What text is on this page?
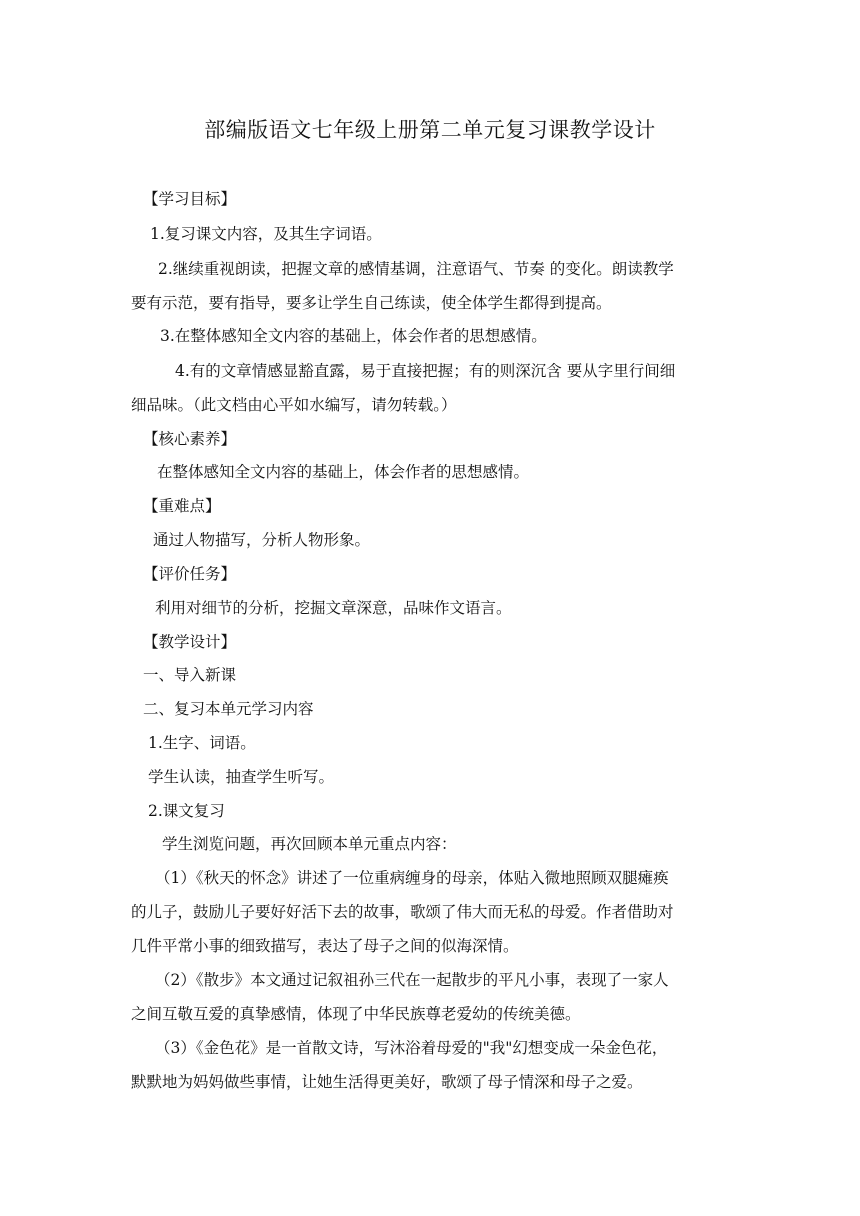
部编版语文七年级上册第二单元复习课教学设计
【学习目标】
1.复习课文内容，及其生字词语。
2.继续重视朗读，把握文章的感情基调，注意语气、节奏 的变化。朗读教学
要有示范，要有指导，要多让学生自己练读，使全体学生都得到提高。
3.在整体感知全文内容的基础上，体会作者的思想感情。
4.有的文章情感显豁直露，易于直接把握；有的则深沉含 要从字里行间细
细品味。（此文档由心平如水编写，请勿转载。）
【核心素养】
在整体感知全文内容的基础上，体会作者的思想感情。
【重难点】
通过人物描写，分析人物形象。
【评价任务】
利用对细节的分析，挖掘文章深意，品味作文语言。
【教学设计】
一、导入新课
二、复习本单元学习内容
1.生字、词语。
学生认读，抽查学生听写。
2.课文复习
学生浏览问题，再次回顾本单元重点内容：
（1）《秋天的怀念》讲述了一位重病缠身的母亲，体贴入微地照顾双腿瘫痪
的儿子，鼓励儿子要好好活下去的故事，歌颂了伟大而无私的母爱。作者借助对
几件平常小事的细致描写，表达了母子之间的似海深情。
（2）《散步》本文通过记叙祖孙三代在一起散步的平凡小事，表现了一家人
之间互敬互爱的真挚感情，体现了中华民族尊老爱幼的传统美德。
（3）《金色花》是一首散文诗，写沐浴着母爱的"我"幻想变成一朵金色花，
默默地为妈妈做些事情，让她生活得更美好，歌颂了母子情深和母子之爱。
